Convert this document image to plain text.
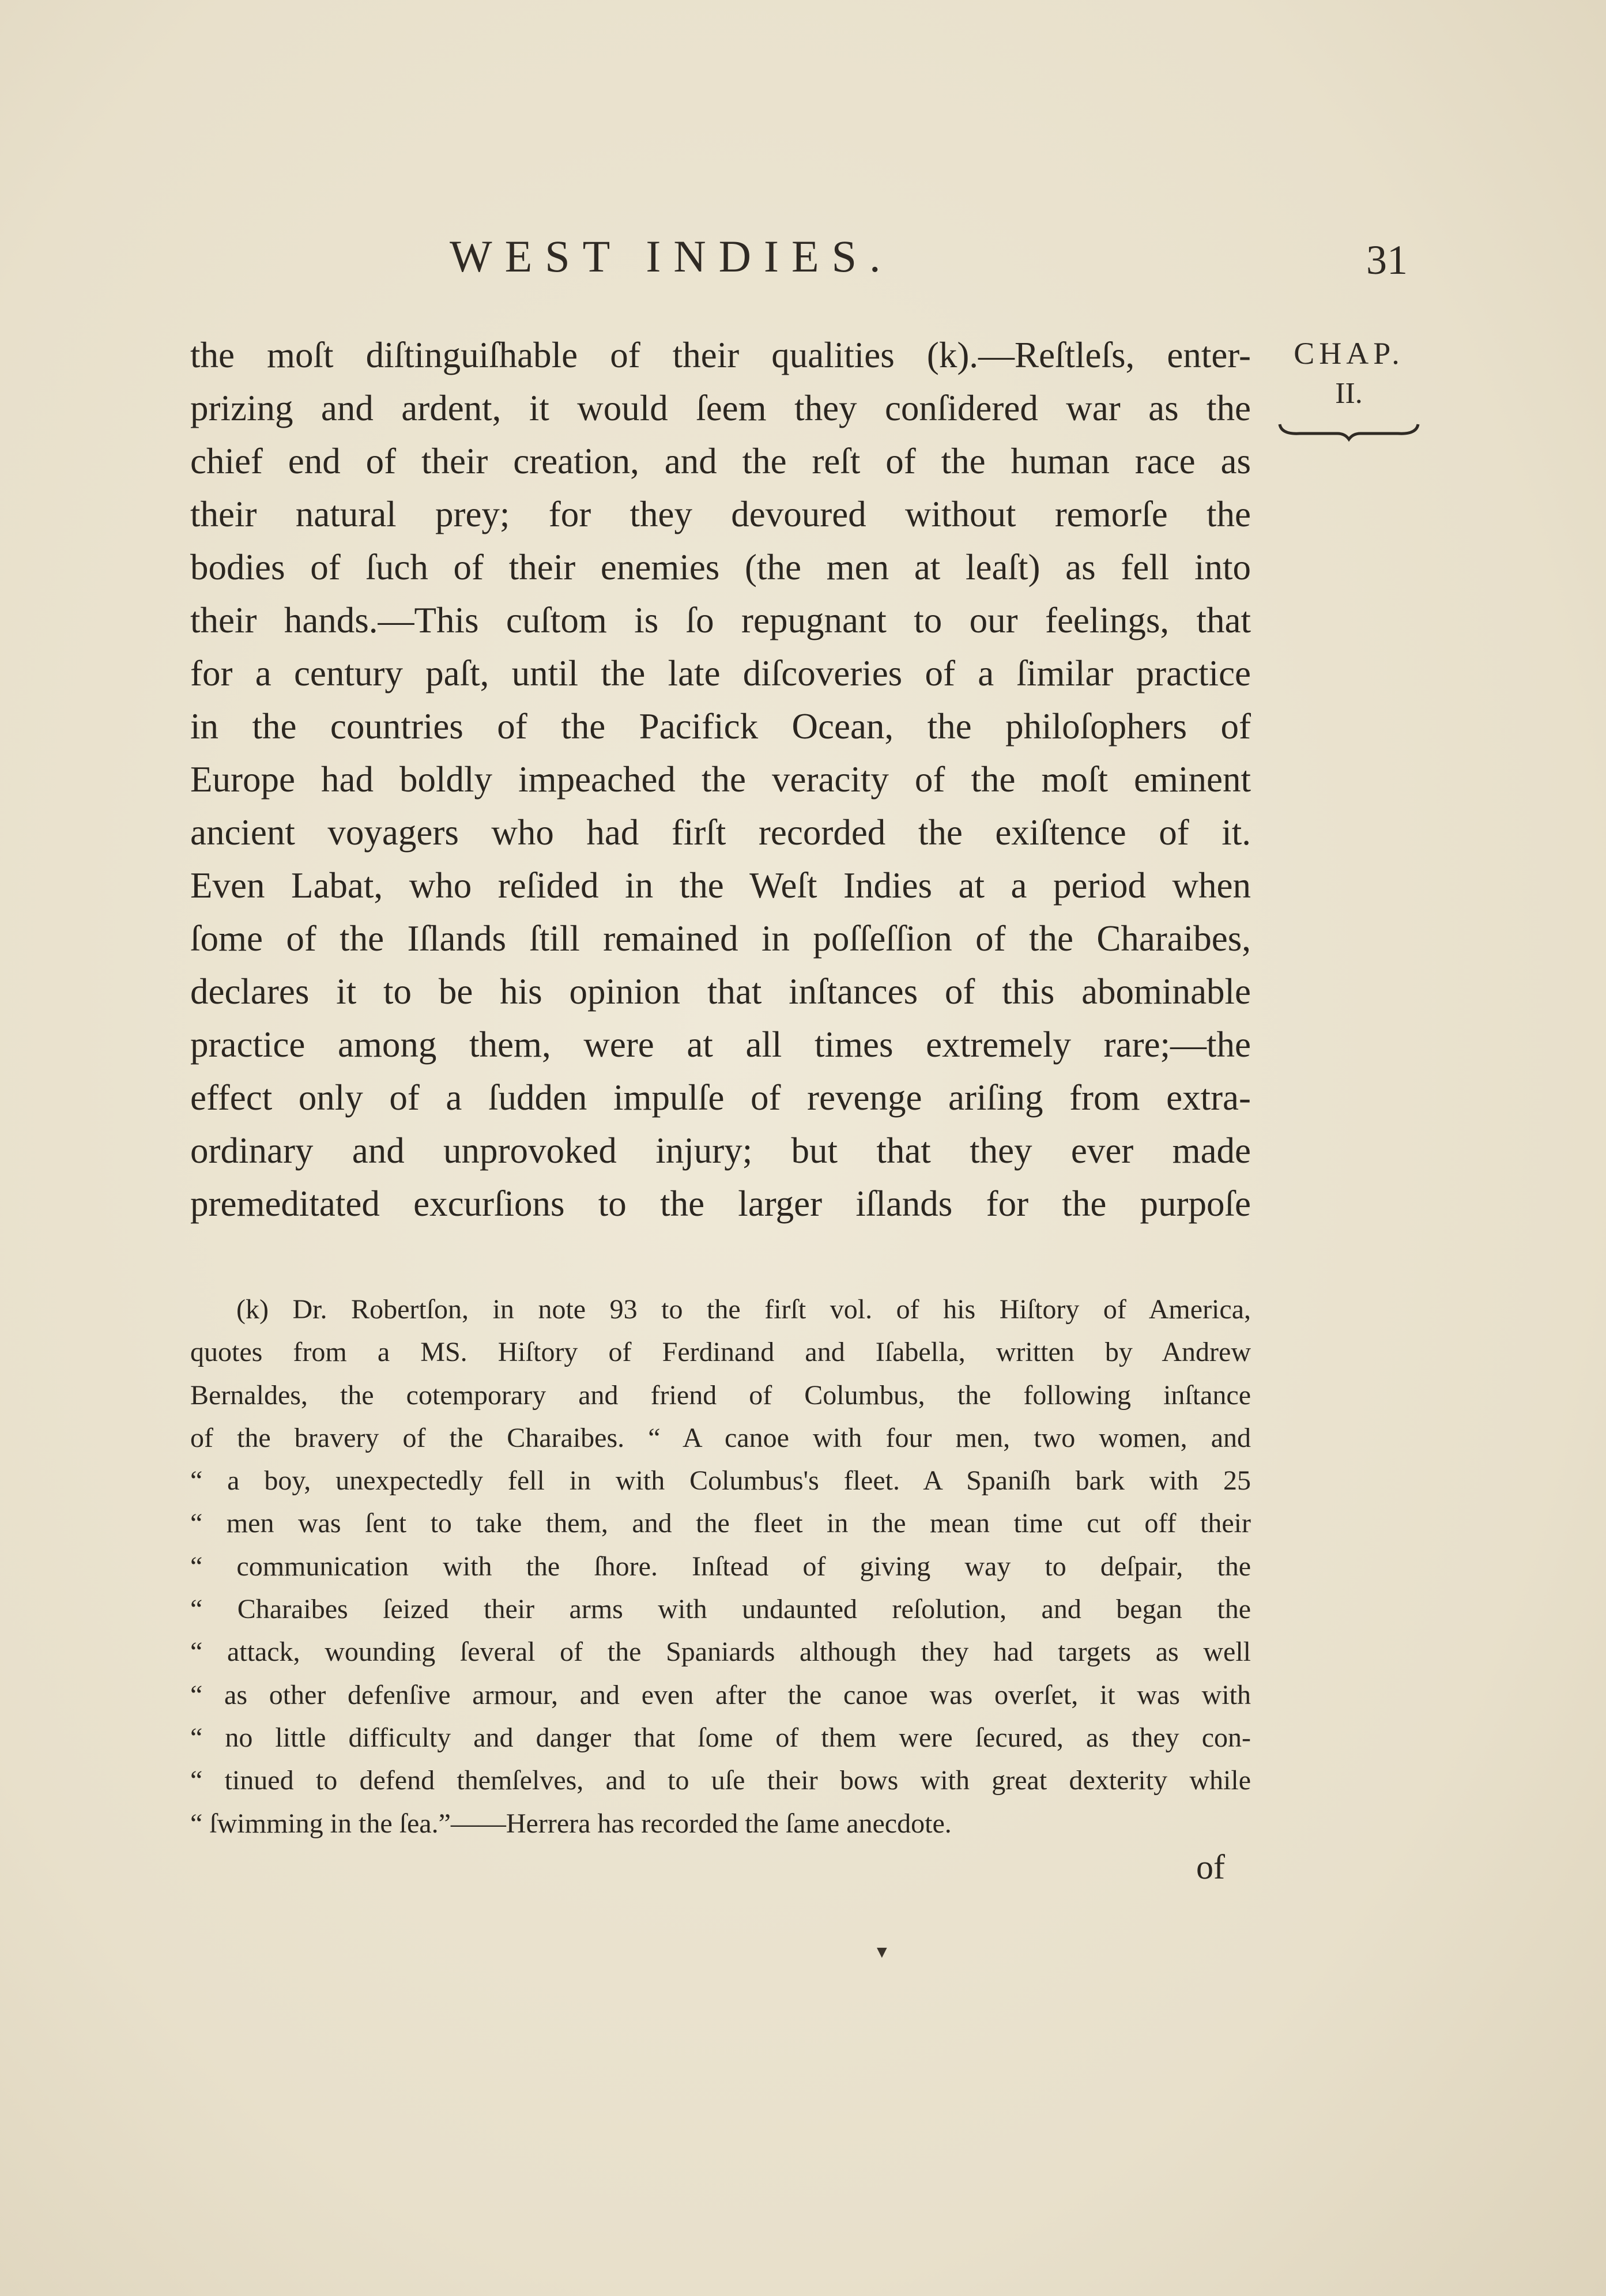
WEST INDIES.	31
CHAP.
II.
the moſt diſtinguiſhable of their qualities (k).—Reſtleſs, enter-
prizing and ardent, it would ſeem they conſidered war as the
chief end of their creation, and the reſt of the human race as
their natural prey; for they devoured without remorſe the
bodies of ſuch of their enemies (the men at leaſt) as fell into
their hands.—This cuſtom is ſo repugnant to our feelings, that
for a century paſt, until the late diſcoveries of a ſimilar practice
in the countries of the Pacifick Ocean, the philoſophers of
Europe had boldly impeached the veracity of the moſt eminent
ancient voyagers who had firſt recorded the exiſtence of it.
Even Labat, who reſided in the Weſt Indies at a period when
ſome of the Iſlands ſtill remained in poſſeſſion of the Charaibes,
declares it to be his opinion that inſtances of this abominable
practice among them, were at all times extremely rare;—the
effect only of a ſudden impulſe of revenge ariſing from extra-
ordinary and unprovoked injury; but that they ever made
premeditated excurſions to the larger iſlands for the purpoſe
(k) Dr. Robertſon, in note 93 to the firſt vol. of his Hiſtory of America,
quotes from a MS. Hiſtory of Ferdinand and Iſabella, written by Andrew
Bernaldes, the cotemporary and friend of Columbus, the following inſtance
of the bravery of the Charaibes. “ A canoe with four men, two women, and
“ a boy, unexpectedly fell in with Columbus's fleet. A Spaniſh bark with 25
“ men was ſent to take them, and the fleet in the mean time cut off their
“ communication with the ſhore. Inſtead of giving way to deſpair, the
“ Charaibes ſeized their arms with undaunted reſolution, and began the
“ attack, wounding ſeveral of the Spaniards although they had targets as well
“ as other defenſive armour, and even after the canoe was overſet, it was with
“ no little difficulty and danger that ſome of them were ſecured, as they con-
“ tinued to defend themſelves, and to uſe their bows with great dexterity while
“ ſwimming in the ſea.”——Herrera has recorded the ſame anecdote.
of
▼
